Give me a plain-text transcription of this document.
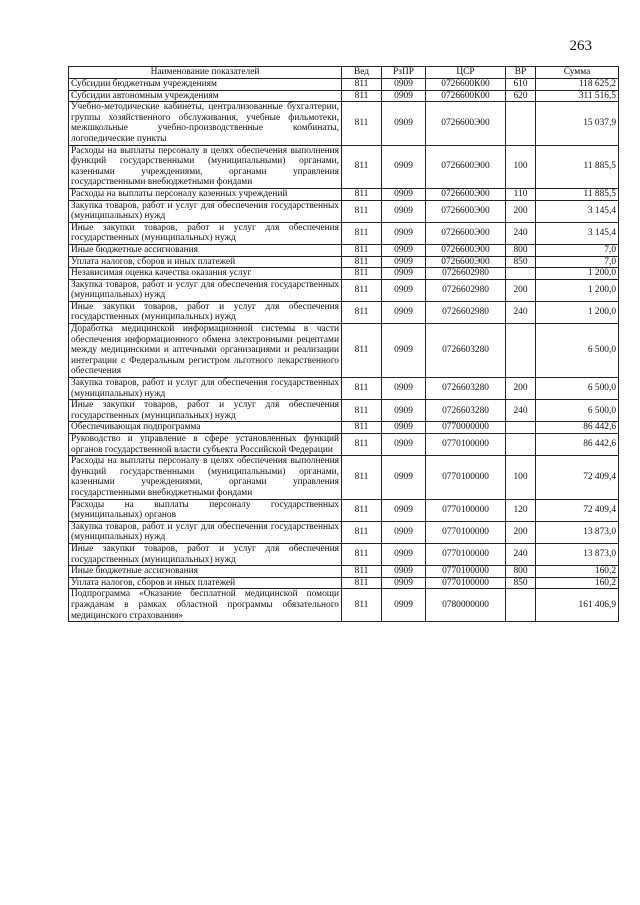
263
Наименование показателей	Вед	РзПР	ЦСР	ВР	Сумма
Субсидии бюджетным учреждениям	811	0909	0726600К00	610	118 625,2
Субсидии автономным учреждениям	811	0909	0726600К00	620	311 516,5
Учебно-методические кабинеты, централизованные бухгалтерии, группы хозяйственного обслуживания, учебные фильмотеки, межшкольные учебно-производственные комбинаты, логопедические пункты	811	0909	0726600Э00		15 037,9
Расходы на выплаты персоналу в целях обеспечения выполнения функций государственными (муниципальными) органами, казенными учреждениями, органами управления государственными внебюджетными фондами	811	0909	0726600Э00	100	11 885,5
Расходы на выплаты персоналу казенных учреждений	811	0909	0726600Э00	110	11 885,5
Закупка товаров, работ и услуг для обеспечения государственных (муниципальных) нужд	811	0909	0726600Э00	200	3 145,4
Иные закупки товаров, работ и услуг для обеспечения государственных (муниципальных) нужд	811	0909	0726600Э00	240	3 145,4
Иные бюджетные ассигнования	811	0909	0726600Э00	800	7,0
Уплата налогов, сборов и иных платежей	811	0909	0726600Э00	850	7,0
Независимая оценка качества оказания услуг	811	0909	0726602980		1 200,0
Закупка товаров, работ и услуг для обеспечения государственных (муниципальных) нужд	811	0909	0726602980	200	1 200,0
Иные закупки товаров, работ и услуг для обеспечения государственных (муниципальных) нужд	811	0909	0726602980	240	1 200,0
Доработка медицинской информационной системы в части обеспечения информационного обмена электронными рецептами между медицинскими и аптечными организациями и реализации интеграции с Федеральным регистром льготного лекарственного обеспечения	811	0909	0726603280		6 500,0
Закупка товаров, работ и услуг для обеспечения государственных (муниципальных) нужд	811	0909	0726603280	200	6 500,0
Иные закупки товаров, работ и услуг для обеспечения государственных (муниципальных) нужд	811	0909	0726603280	240	6 500,0
Обеспечивающая подпрограмма	811	0909	0770000000		86 442,6
Руководство и управление в сфере установленных функций органов государственной власти субъекта Российской Федерации	811	0909	0770100000		86 442,6
Расходы на выплаты персоналу в целях обеспечения выполнения функций государственными (муниципальными) органами, казенными учреждениями, органами управления государственными внебюджетными фондами	811	0909	0770100000	100	72 409,4
Расходы на выплаты персоналу государственных (муниципальных) органов	811	0909	0770100000	120	72 409,4
Закупка товаров, работ и услуг для обеспечения государственных (муниципальных) нужд	811	0909	0770100000	200	13 873,0
Иные закупки товаров, работ и услуг для обеспечения государственных (муниципальных) нужд	811	0909	0770100000	240	13 873,0
Иные бюджетные ассигнования	811	0909	0770100000	800	160,2
Уплата налогов, сборов и иных платежей	811	0909	0770100000	850	160,2
Подпрограмма «Оказание бесплатной медицинской помощи гражданам в рамках областной программы обязательного медицинского страхования»	811	0909	0780000000		161 406,9
